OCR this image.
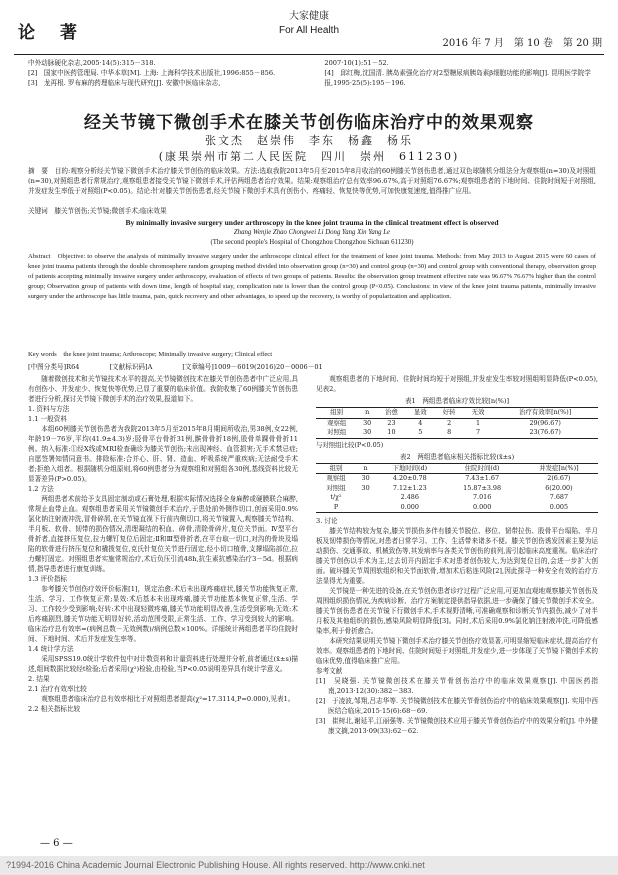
论　著
大家健康
For All Health
2016 年 7 月　第 10 卷　第 20 期
中外动脉硬化杂志,2005·14(5):315－318.
[2]　国家中医药管理局. 中华本草[M]. 上海: 上海科学技术出版社,1996:855－856.
[3]　龙再根. 罗布麻的药理临床与现代研究[J]. 安徽中医临床杂志,
2007·10(1):51－52.
[4]　邱红梅,沈国清. 胰岛素强化治疗对2型糖尿病胰岛素β细胞功能的影响[J]. 昆明医学院学报,1995·25(5):195－196.
经关节镜下微创手术在膝关节创伤临床治疗中的效果观察
张文杰　赵崇伟　李东　杨鑫　杨乐
(康果崇州市第二人民医院　四川　崇州　611230)
摘　要　目的:观察分析经关节镜下微创手术治疗膝关节创伤的临床效果。方法:选取我院2013年5月至2015年8月收治的60例膝关节创伤患者,通过双色球随机分组法分为观察组(n=30)及对照组(n=30),对照组患者行常规治疗,观察组患者接受关节镜下微创手术,评估两组患者治疗效果。结果:观察组治疗总有效率96.67%,高于对照组76.67%;观察组患者的下地时间、住院时间短于对照组,并发症发生率低于对照组(P<0.05)。结论:针对膝关节创伤患者,经关节镜下微创手术具有创伤小、疼痛轻、恢复快等优势,可加快康复速度,值得推广应用。
关键词　膝关节创伤;关节镜;微创手术;临床效果
By minimally invasive surgery under arthroscopy in the knee joint trauma in the clinical treatment effect is observed
Zhang Wenjie Zhao Chongwei Li Dong Yang Xin Yang Le
(The second people's Hospital of Chongzhou Chongzhou Sichuan 611230)
Abstract　Objective: to observe the analysis of minimally invasive surgery under the arthroscope clinical effect for the treatment of knee joint trauma. Methods: from May 2013 to August 2015 were 60 cases of knee joint trauma patients through the double chromosphere random grouping method divided into observation group (n=30) and control group (n=30) and control group with conventional therapy, observation group of patients accepting minimally invasive surgery under arthroscopy, evaluation of effects of two groups of patients. Results: the observation group treatment effective rate was 96.67% 76.67% higher than the control group; Observation group of patients with down time, length of hospital stay, complication rate is lower than the control group (P<0.05). Conclusions: in view of the knee joint trauma patients, minimally invasive surgery under the arthroscope has little trauma, pain, quick recovery and other advantages, to speed up the recovery, is worthy of popularization and application.
Key words　the knee joint trauma; Arthroscope; Minimally invasive surgery; Clinical effect
[中图分类号]R64	[文献标识码]A	[文章编号]1009－6019(2016)20－0006－01

随着微创技术和关节镜技术水平的提高,关节镜微创技术在膝关节创伤患者中广泛应用,具有创伤小、并发症少、恢复快等优势,已显了重要的临床价值。我院收集了60例膝关节创伤患者进行分析,探讨关节镜下微创手术的治疗效果,报道如下。

1. 资料与方法
1.1 一般资料

本组60例膝关节创伤患者为我院2013年5月至2015年8月期间所收治,男38例,女22例,年龄19－76岁,平均(41.9±4.3)岁;胫骨平台骨折31例,髌骨骨折18例,股骨单踝骨骨折11例。纳入标准:①经X线或MRI检查确诊为膝关节创伤;未出现神经、血管损害;无手术禁忌症;自愿签署知情同意书。排除标准:合并心、肝、肾、造血、呼吸系统严重疾病;无法耐受手术者;拒绝入组者。根据随机分组原则,将60例患者分为观察组和对照组各30例,基线资料比较无显著差异(P>0.05)。

1.2 方法

两组患者术前给予支具固定制动或石膏处理,根据实际情况选择全身麻醉或硬膜联合麻醉,常规止血带止血。观察组患者采用关节镜微创手术治疗,于患处前外侧作切口,创面采用0.9%氯化钠注射液冲洗,冒骨碎屑,在关节镜直视下行前内侧切口,将关节镜置入,观察膝关节结构、半月板、软骨、韧带的损伤情况,清理凝结的积血、碎骨,清除骨碎片,复位关节面。Ⅳ型平台骨折者,直接挤压复位,拉力螺钉复位后固定;Ⅱ和Ⅲ型骨折者,在平台取一切口,对沟的骨块及塌陷的软骨进行挤压复位和撬拨复位,克氏针复位关节进行固定,经小切口植骨,支撑塌陷部位,拉力螺钉固定。对照组患者实施常规治疗,术后负压引流48h,抗生素抗感染治疗3－5d。根据病情,指导患者进行康复训练。

1.3 评价指标

参考膝关节创伤疗效评价标准[1]，规定治愈:术后未出现疼痛症状,膝关节功能恢复正常,生活、学习、工作恢复正常;显效:术后基本未出现疼痛,膝关节功能基本恢复正常,生活、学习、工作较少受到影响;好转:术中出现轻微疼痛,膝关节功能明显改善,生活受到影响;无效:术后疼痛剧烈,膝关节功能无明显好转,活动范围受限,正常生活、工作、学习受到较大的影响。临床治疗总有效率=(病例总数－无效例数)/病例总数×100%。详细统计两组患者平均住院时间、下地时间、术后并发症发生率等。

1.4 统计学方法

采用SPSS19.0统计学软件包中对计数资料和计量资料进行处理并分析,前者通过(x̄±s)描述,组间数据比较经t检验;后者采用(χ²)检验,由检验,当P<0.05说明差异具有统计学意义。

2. 结果
2.1 治疗有效率比较

观察组患者临床治疗总有效率相比于对照组患者提高(χ²=17.3114,P=0.000),见表1。

2.2 相关指标比较

观察组患者的下地时间、住院时间均短于对照组,并发症发生率较对照组明显降低(P<0.05),见表2。

表1　两组患者临床疗效比较[n(%)]
组别	n	治愈	显效	好转	无效	治疗有效率[n(%)]
观察组	30	23	4	2	1	29(96.67)
对照组	30	10	5	8	7	23(76.67)
与对照组比较(P<0.05)
表2　两组患者临床相关指标比较(x̄±s)
组别	n	下地时间(d)	住院时间(d)	并发症[n(%)]
观察组	30	4.20±0.78	7.43±1.67	2(6.67)
对照组	30	7.12±1.23	15.87±3.98	6(20.00)
t/χ²		2.486	7.016	7.687
P		0.000	0.000	0.005
3. 讨论

膝关节结构较为复杂,膝关节损伤多伴有膝关节脱位、移位、韧带拉伤、股骨平台塌陷、半月板及韧带损伤等情况,对患者日常学习、工作、生活带来诸多不便。膝关节创伤诱发因素主要为运动损伤、交通事故、机械致伤等,其发病率与各类关节创伤的前列,需引起临床高度重视。临床治疗膝关节创伤以手术为主,过去切开内固定手术对患者创伤较大,为达到复位目的,会进一步扩大创面。破坏膝关节周围软组织和关节面软骨,增加术后粘连风险[2],因此探寻一种安全有效的治疗方法显得尤为重要。

关节镜是一种先进的设备,在关节创伤患者诊疗过程广泛应用,可更加直观地观察膝关节创伤及周围组织损伤情况,为疾病诊断、治疗方案制定提供指导依据,进一步确保了膝关节微创手术安全。膝关节创伤患者在关节镜下行微创手术,手术视野清晰,可准确观察和诊断关节内损伤,减少了对半月板及其他组织的损伤,感染风险明显降低[3]。同时,术后采用0.9%氯化钠注射液冲洗,可降低感染率,利于骨折愈合。

本研究结果说明关节镜下微创手术治疗膝关节创伤疗效显著,可明显缩短临床症状,提高治疗有效率。观察组患者的下地时间、住院时间短于对照组,并发症少,进一步体现了关节镜下微创手术的临床优势,值得临床推广应用。

参考文献
[1]　吴晓强. 关节镜微创技术在膝关节骨创伤治疗中的临床效果观察[J]. 中国医药指南,2013·12(30):382－383.
[2]　于凌波,邹翔,吕志华等. 关节镜微创技术在膝关节骨创伤治疗中的临床效果观察[J]. 实用中西医结合临床,2015·15(6):68－69.
[3]　崔树北,谢延平,江丽强等. 关节镜微创技术应用于膝关节骨创伤治疗中的效果分析[J]. 中外健康文摘,2013·09(33):62－62.
— 6 —
?1994-2016 China Academic Journal Electronic Publishing House. All rights reserved. http://www.cnki.net
